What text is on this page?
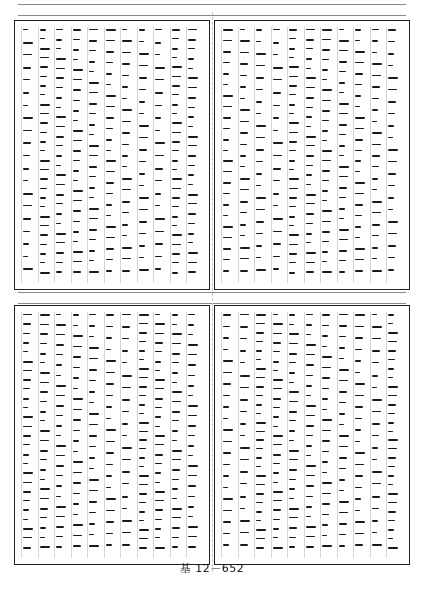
基 12－652
